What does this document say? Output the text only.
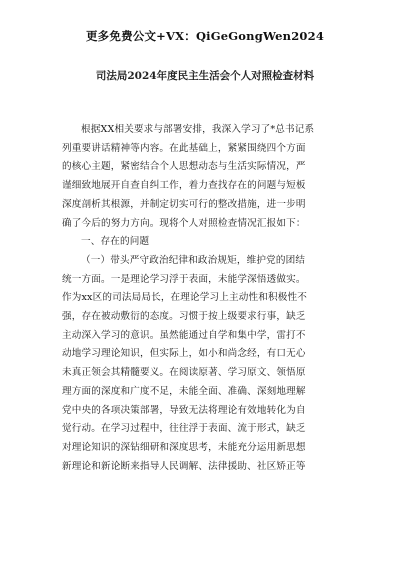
更多免费公文+VX：QiGeGongWen2024
司法局2024年度民主生活会个人对照检查材料
根据XX相关要求与部署安排，我深入学习了*总书记系
列重要讲话精神等内容。在此基础上，紧紧围绕四个方面
的核心主题，紧密结合个人思想动态与生活实际情况，严
谨细致地展开自查自纠工作，着力查找存在的问题与短板
深度剖析其根源，并制定切实可行的整改措施，进一步明
确了今后的努力方向。现将个人对照检查情况汇报如下：
一、存在的问题
（一）带头严守政治纪律和政治规矩，维护党的团结
统一方面。一是理论学习浮于表面，未能学深悟透做实。
作为xx区的司法局局长，在理论学习上主动性和积极性不
强，存在被动敷衍的态度。习惯于按上级要求行事，缺乏
主动深入学习的意识。虽然能通过自学和集中学，雷打不
动地学习理论知识，但实际上，如小和尚念经，有口无心
未真正领会其精髓要义。在阅读原著、学习原文、领悟原
理方面的深度和广度不足，未能全面、准确、深刻地理解
党中央的各项决策部署，导致无法将理论有效地转化为自
觉行动。在学习过程中，往往浮于表面、流于形式，缺乏
对理论知识的深钻细研和深度思考，未能充分运用新思想
新理论和新论断来指导人民调解、法律援助、社区矫正等
